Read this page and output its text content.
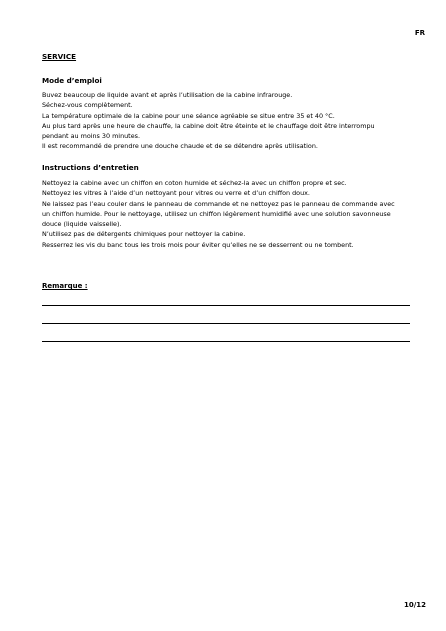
FR
SERVICE
Mode d’emploi

Buvez beaucoup de liquide avant et après l’utilisation de la cabine infrarouge.

Séchez-vous complètement.

La température optimale de la cabine pour une séance agréable se situe entre 35 et 40 °C.

Au plus tard après une heure de chauffe, la cabine doit être éteinte et le chauffage doit être interrompu

pendant au moins 30 minutes.

Il est recommandé de prendre une douche chaude et de se détendre après utilisation.

Instructions d’entretien

Nettoyez la cabine avec un chiffon en coton humide et séchez-la avec un chiffon propre et sec.

Nettoyez les vitres à l’aide d’un nettoyant pour vitres ou verre et d’un chiffon doux.

Ne laissez pas l’eau couler dans le panneau de commande et ne nettoyez pas le panneau de commande avec

un chiffon humide. Pour le nettoyage, utilisez un chiffon légèrement humidifié avec une solution savonneuse

douce (liquide vaisselle).

N’utilisez pas de détergents chimiques pour nettoyer la cabine.

Resserrez les vis du banc tous les trois mois pour éviter qu’elles ne se desserrent ou ne tombent.

Remarque :
10/12
